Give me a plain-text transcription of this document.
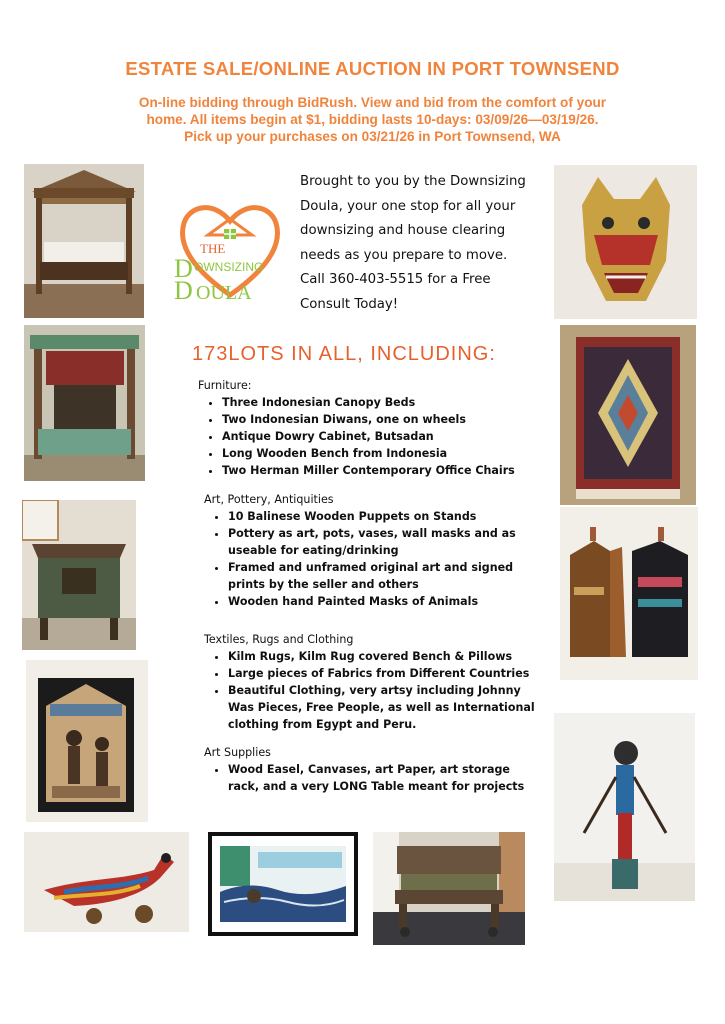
ESTATE SALE/ONLINE AUCTION IN PORT TOWNSEND
On-line bidding through BidRush. View and bid from the comfort of your
home. All items begin at $1, bidding lasts 10-days: 03/09/26—03/19/26.
Pick up your purchases on 03/21/26 in Port Townsend, WA
THE
D OWNSIZING
D OULA
Brought to you by the Downsizing Doula, your one stop for all your downsizing and house clearing needs as you prepare to move. Call 360-403-5515 for a Free Consult Today!
173LOTS IN ALL, INCLUDING:
Furniture:
• Three Indonesian Canopy Beds
• Two Indonesian Diwans, one on wheels
• Antique Dowry Cabinet, Butsadan
• Long Wooden Bench from Indonesia
• Two Herman Miller Contemporary Office Chairs
Art, Pottery, Antiquities
• 10 Balinese Wooden Puppets on Stands
• Pottery as art, pots, vases, wall masks and as useable for eating/drinking
• Framed and unframed original art and signed prints by the seller and others
• Wooden hand Painted Masks of Animals
Textiles, Rugs and Clothing
• Kilm Rugs, Kilm Rug covered Bench & Pillows
• Large pieces of Fabrics from Different Countries
• Beautiful Clothing, very artsy including Johnny Was Pieces, Free People, as well as International clothing from Egypt and Peru.
Art Supplies
• Wood Easel, Canvases, art Paper, art storage rack, and a very LONG Table meant for projects
